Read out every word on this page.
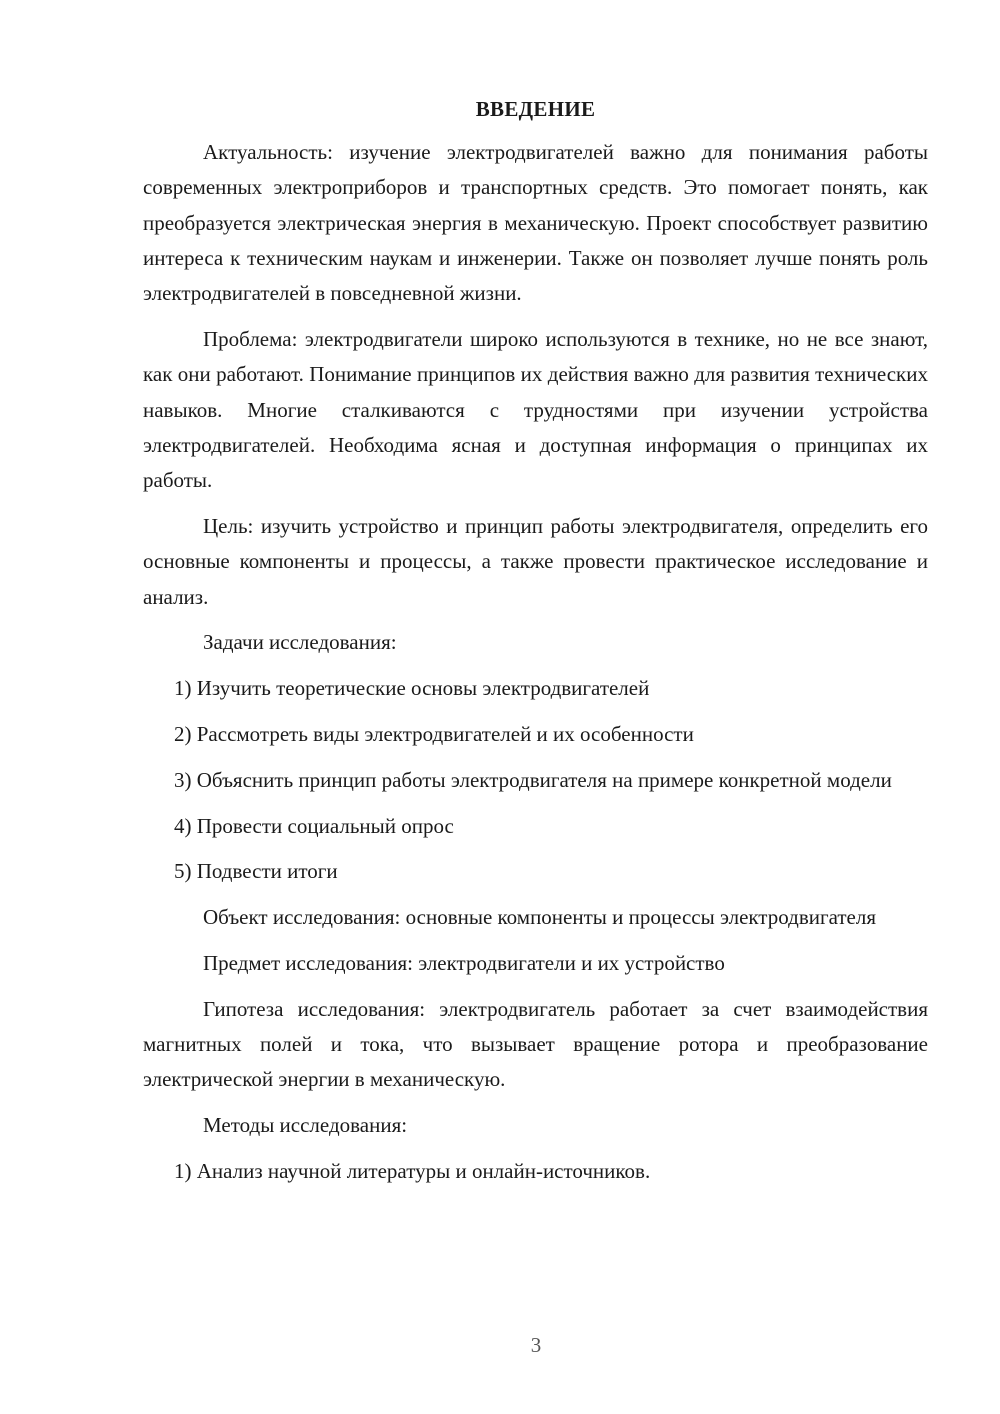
ВВЕДЕНИЕ

Актуальность: изучение электродвигателей важно для понимания работы современных электроприборов и транспортных средств. Это помогает понять, как преобразуется электрическая энергия в механическую. Проект способствует развитию интереса к техническим наукам и инженерии. Также он позволяет лучше понять роль электродвигателей в повседневной жизни.

Проблема: электродвигатели широко используются в технике, но не все знают, как они работают. Понимание принципов их действия важно для развития технических навыков. Многие сталкиваются с трудностями при изучении устройства электродвигателей. Необходима ясная и доступная информация о принципах их работы.

Цель: изучить устройство и принцип работы электродвигателя, определить его основные компоненты и процессы, а также провести практическое исследование и анализ.

Задачи исследования:

1) Изучить теоретические основы электродвигателей

2) Рассмотреть виды электродвигателей и их особенности

3) Объяснить принцип работы электродвигателя на примере конкретной модели

4) Провести социальный опрос

5) Подвести итоги

Объект исследования: основные компоненты и процессы электродвигателя

Предмет исследования: электродвигатели и их устройство

Гипотеза исследования: электродвигатель работает за счет взаимодействия магнитных полей и тока, что вызывает вращение ротора и преобразование электрической энергии в механическую.

Методы исследования:

1) Анализ научной литературы и онлайн-источников.

3
